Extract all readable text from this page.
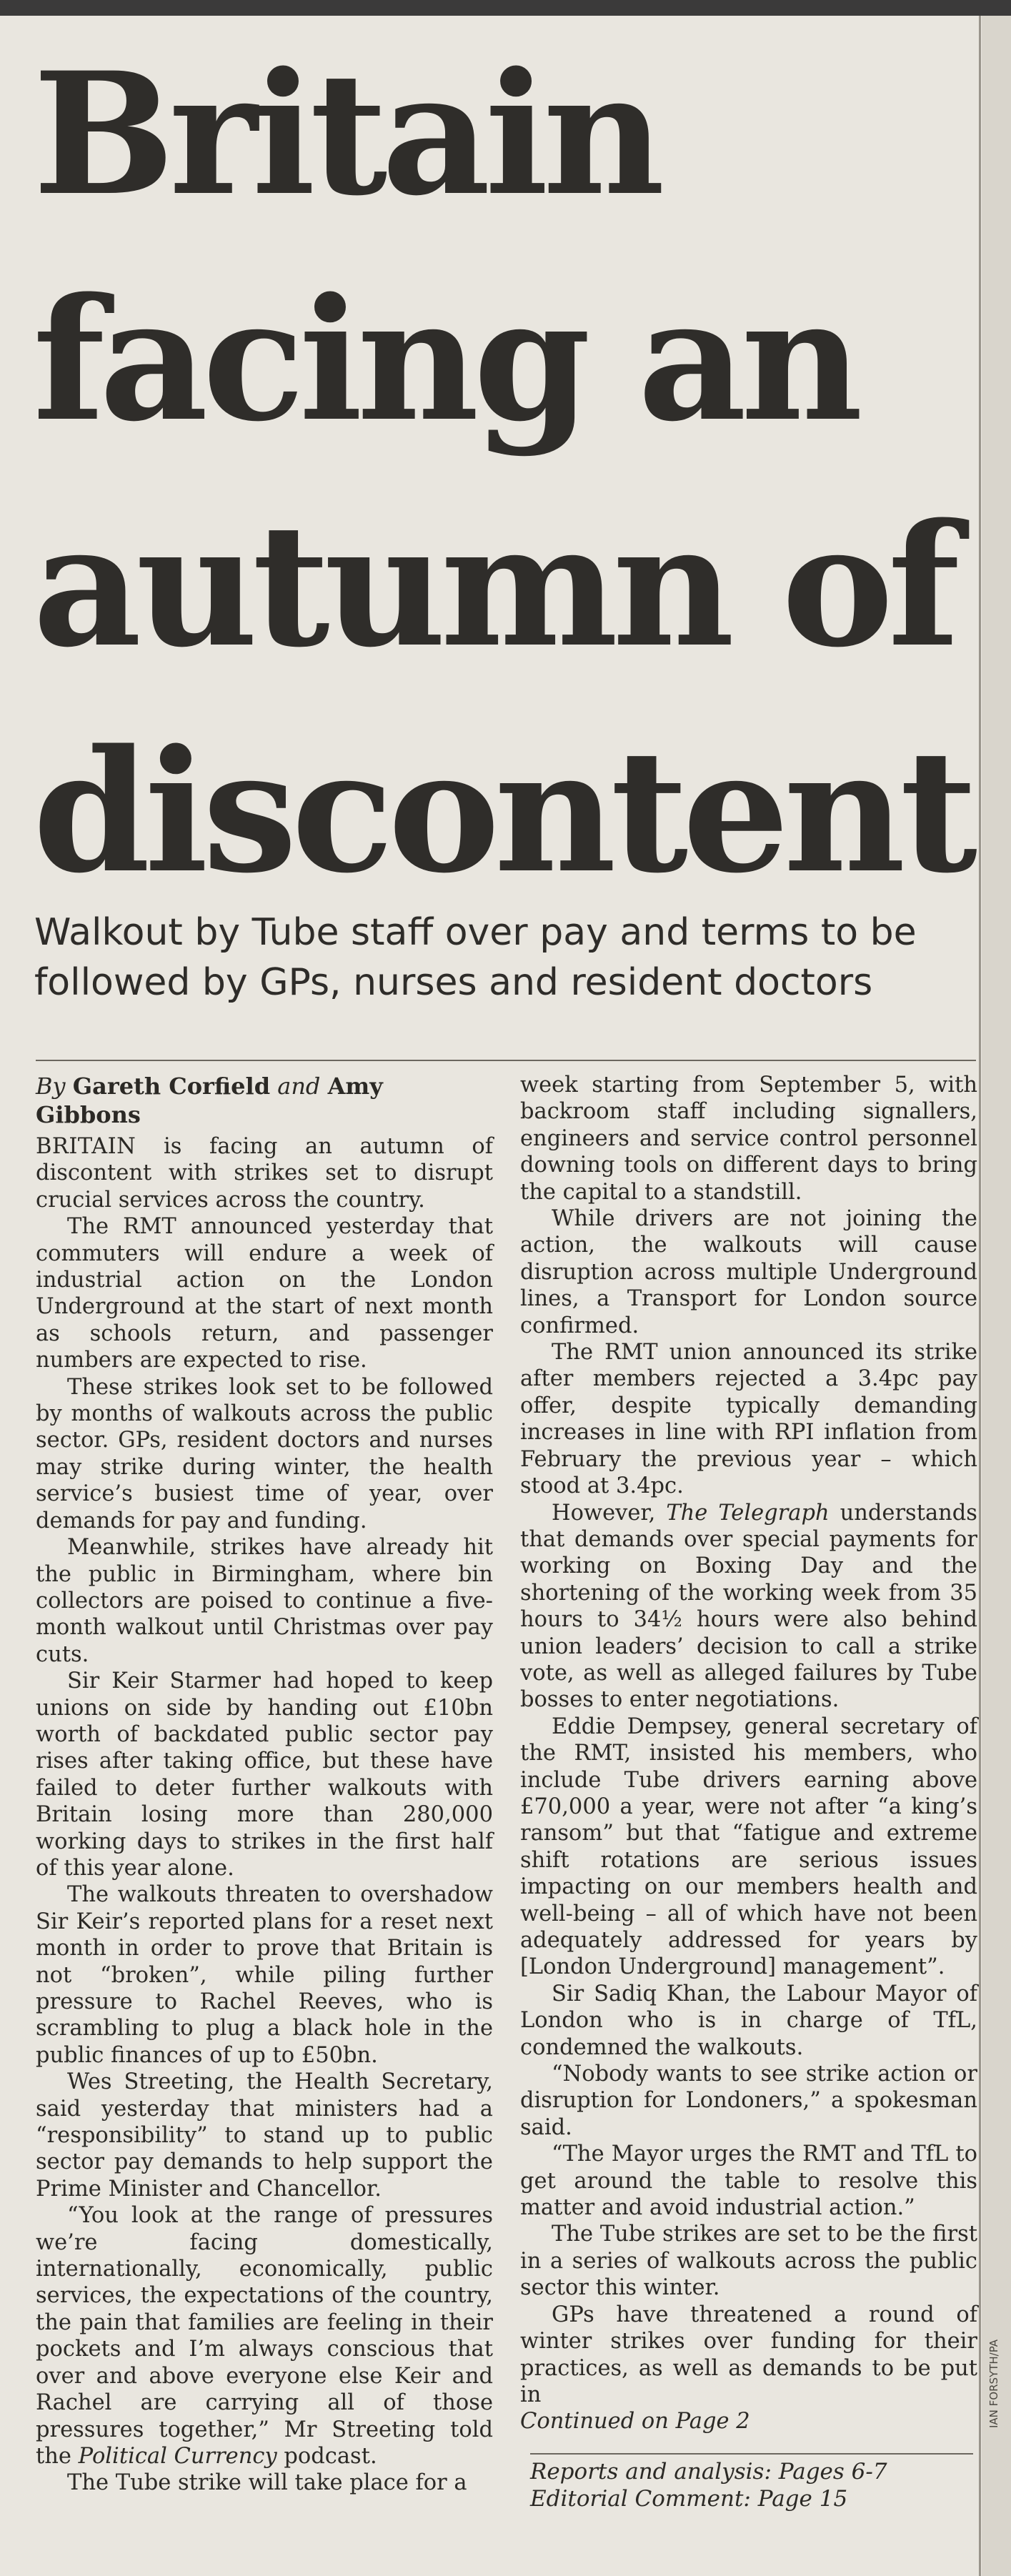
Britain facing an autumn of discontent

Walkout by Tube staff over pay and terms to be followed by GPs, nurses and resident doctors

By Gareth Corfield and Amy Gibbons

BRITAIN is facing an autumn of discontent with strikes set to disrupt crucial services across the country.

The RMT announced yesterday that commuters will endure a week of industrial action on the London Underground at the start of next month as schools return, and passenger numbers are expected to rise.

These strikes look set to be followed by months of walkouts across the public sector. GPs, resident doctors and nurses may strike during winter, the health service’s busiest time of year, over demands for pay and funding.

Meanwhile, strikes have already hit the public in Birmingham, where bin collectors are poised to continue a five-month walkout until Christmas over pay cuts.

Sir Keir Starmer had hoped to keep unions on side by handing out £10bn worth of backdated public sector pay rises after taking office, but these have failed to deter further walkouts with Britain losing more than 280,000 working days to strikes in the first half of this year alone.

The walkouts threaten to overshadow Sir Keir’s reported plans for a reset next month in order to prove that Britain is not “broken”, while piling further pressure to Rachel Reeves, who is scrambling to plug a black hole in the public finances of up to £50bn.

Wes Streeting, the Health Secretary, said yesterday that ministers had a “responsibility” to stand up to public sector pay demands to help support the Prime Minister and Chancellor.

“You look at the range of pressures we’re facing domestically, internationally, economically, public services, the expectations of the country, the pain that families are feeling in their pockets and I’m always conscious that over and above everyone else Keir and Rachel are carrying all of those pressures together,” Mr Streeting told the Political Currency podcast.

The Tube strike will take place for a

week starting from September 5, with backroom staff including signallers, engineers and service control personnel downing tools on different days to bring the capital to a standstill.

While drivers are not joining the action, the walkouts will cause disruption across multiple Underground lines, a Transport for London source confirmed.

The RMT union announced its strike after members rejected a 3.4pc pay offer, despite typically demanding increases in line with RPI inflation from February the previous year – which stood at 3.4pc.

However, The Telegraph understands that demands over special payments for working on Boxing Day and the shortening of the working week from 35 hours to 34½ hours were also behind union leaders’ decision to call a strike vote, as well as alleged failures by Tube bosses to enter negotiations.

Eddie Dempsey, general secretary of the RMT, insisted his members, who include Tube drivers earning above £70,000 a year, were not after “a king’s ransom” but that “fatigue and extreme shift rotations are serious issues impacting on our members health and well-being – all of which have not been adequately addressed for years by [London Underground] management”.

Sir Sadiq Khan, the Labour Mayor of London who is in charge of TfL, condemned the walkouts.

“Nobody wants to see strike action or disruption for Londoners,” a spokesman said.

“The Mayor urges the RMT and TfL to get around the table to resolve this matter and avoid industrial action.”

The Tube strikes are set to be the first in a series of walkouts across the public sector this winter.

GPs have threatened a round of winter strikes over funding for their practices, as well as demands to be put in

Continued on Page 2

Reports and analysis: Pages 6-7
Editorial Comment: Page 15
IAN FORSYTH/PA
